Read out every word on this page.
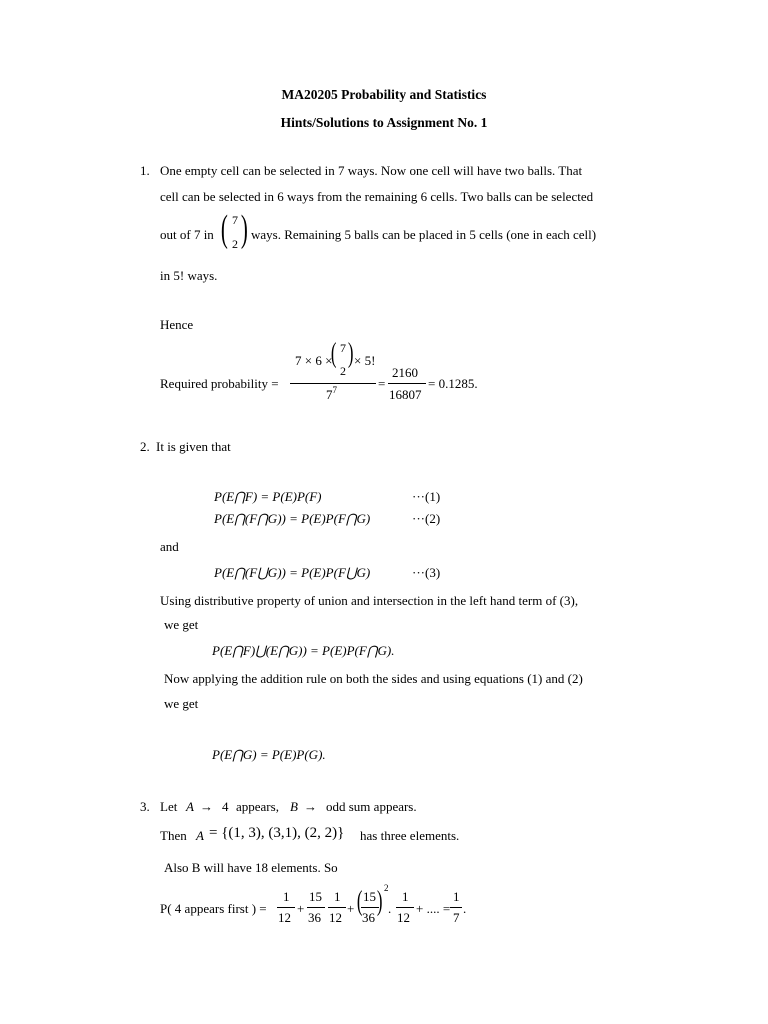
MA20205 Probability and Statistics
Hints/Solutions to Assignment No. 1
1. One empty cell can be selected in 7 ways. Now one cell will have two balls. That
cell can be selected in 6 ways from the remaining 6 cells. Two balls can be selected
out of 7 in ( 7
2 ) ways. Remaining 5 balls can be placed in 5 cells (one in each cell)
in 5! ways.
Hence
Required probability =
7 × 6 ×
( 7
2
) × 5!
$7^7$	=
2160
16807
= 0.1285.
2. It is given that
P(E⋂F) = P(E)P(F)	···(1)
P(E⋂(F⋂G)) = P(E)P(F⋂G)	···(2)
and
P(E⋂(F⋃G)) = P(E)P(F⋃G)	···(3)
Using distributive property of union and intersection in the left hand term of (3),
we get
P(E⋂F)⋃(E⋂G)) = P(E)P(F⋂G).
Now applying the addition rule on both the sides and using equations (1) and (2)
we get
P(E⋂G) = P(E)P(G).
3. Let A → 4 appears, B → odd sum appears.
Then A = {(1, 3), (3,1), (2, 2)} has three elements.
Also B will have 18 elements. So
P( 4 appears first ) =
1
12
+
15
36
1
12
+ ( 15
36
) 2
.
1
12
+ .... =
1
7
.
